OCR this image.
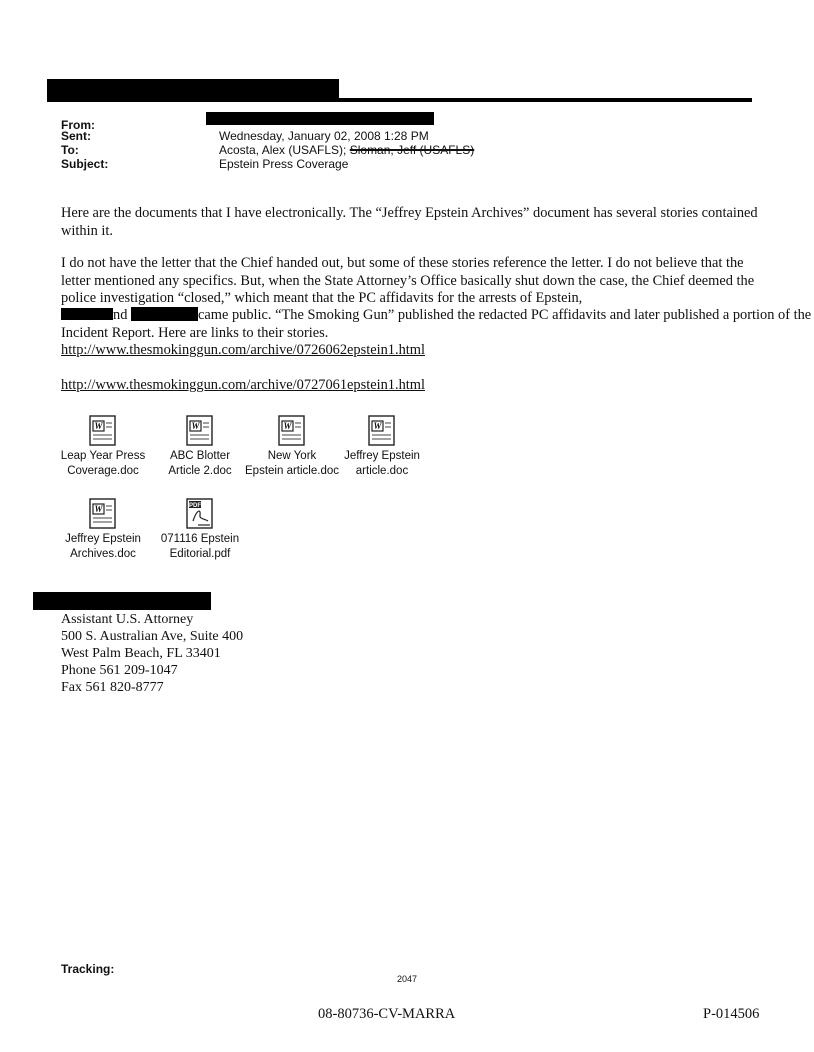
From:
Sent:	Wednesday, January 02, 2008 1:28 PM
To:	Acosta, Alex (USAFLS); Sloman, Jeff (USAFLS)
Subject:	Epstein Press Coverage

Here are the documents that I have electronically. The “Jeffrey Epstein Archives” document has several stories contained within it.

I do not have the letter that the Chief handed out, but some of these stories reference the letter. I do not believe that the letter mentioned any specifics. But, when the State Attorney’s Office basically shut down the case, the Chief deemed the police investigation “closed,” which meant that the PC affidavits for the arrests of Epstein,
nd	came public. “The Smoking Gun” published the redacted PC affidavits and later published a portion of the Incident Report. Here are links to their stories.
http://www.thesmokinggun.com/archive/0726062epstein1.html
http://www.thesmokinggun.com/archive/0727061epstein1.html
W
Leap Year Press
Coverage.doc
W
ABC Blotter
Article 2.doc
W
New York
Epstein article.doc
W
Jeffrey Epstein
article.doc
W
Jeffrey Epstein
Archives.doc
PDF
071116 Epstein
Editorial.pdf
Assistant U.S. Attorney
500 S. Australian Ave, Suite 400
West Palm Beach, FL 33401
Phone 561 209-1047
Fax 561 820-8777
Tracking:
2047
08-80736-CV-MARRA	P-014506
